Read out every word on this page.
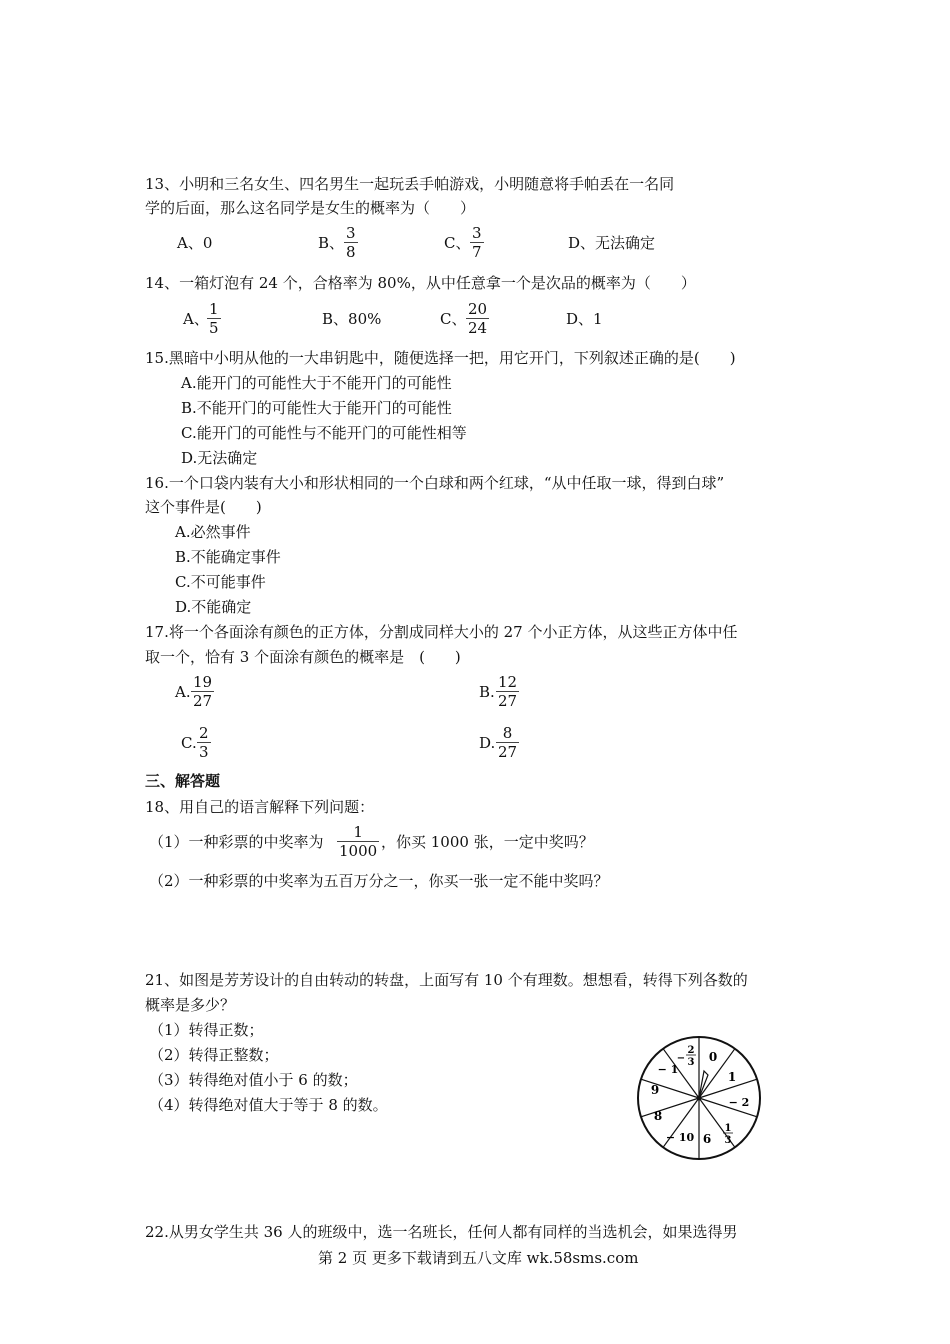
13、小明和三名女生、四名男生一起玩丢手帕游戏，小明随意将手帕丢在一名同
学的后面，那么这名同学是女生的概率为（　　）
A、0	B、 $\frac{3}{8}$	C、 $\frac{3}{7}$	D、无法确定
14、一箱灯泡有 24 个，合格率为 80%，从中任意拿一个是次品的概率为（　　）
A、
$\frac{1}{5}$	B、80%	C、 $\frac{20}{24}$	D、1
15.黑暗中小明从他的一大串钥匙中，随便选择一把，用它开门，下列叙述正确的是(　　)
A.能开门的可能性大于不能开门的可能性
B.不能开门的可能性大于能开门的可能性
C.能开门的可能性与不能开门的可能性相等
D.无法确定
16.一个口袋内装有大小和形状相同的一个白球和两个红球，“从中任取一球，得到白球”
这个事件是(　　)
A.必然事件
B.不能确定事件
C.不可能事件
D.不能确定
17.将一个各面涂有颜色的正方体，分割成同样大小的 27 个小正方体，从这些正方体中任
取一个，恰有 3 个面涂有颜色的概率是　(　　)
A. $\frac{19}{27}$	B. $\frac{12}{27}$
C. $\frac{2}{3}$	D. $\frac{8}{27}$
三、解答题
18、用自己的语言解释下列问题：
（1）一种彩票的中奖率为 $\frac{1}{1000}$ ，你买 1000 张，一定中奖吗？
（2）一种彩票的中奖率为五百万分之一，你买一张一定不能中奖吗？
21、如图是芳芳设计的自由转动的转盘，上面写有 10 个有理数。想想看，转得下列各数的
概率是多少？
（1）转得正数；
（2）转得正整数；
（3）转得绝对值小于 6 的数；
（4）转得绝对值大于等于 8 的数。
0
1
− 2
1
3
6
− 10
8
9
− 1
−
2
3
22.从男女学生共 36 人的班级中，选一名班长，任何人都有同样的当选机会，如果选得男
第 2 页 更多下载请到五八文库 wk.58sms.com
